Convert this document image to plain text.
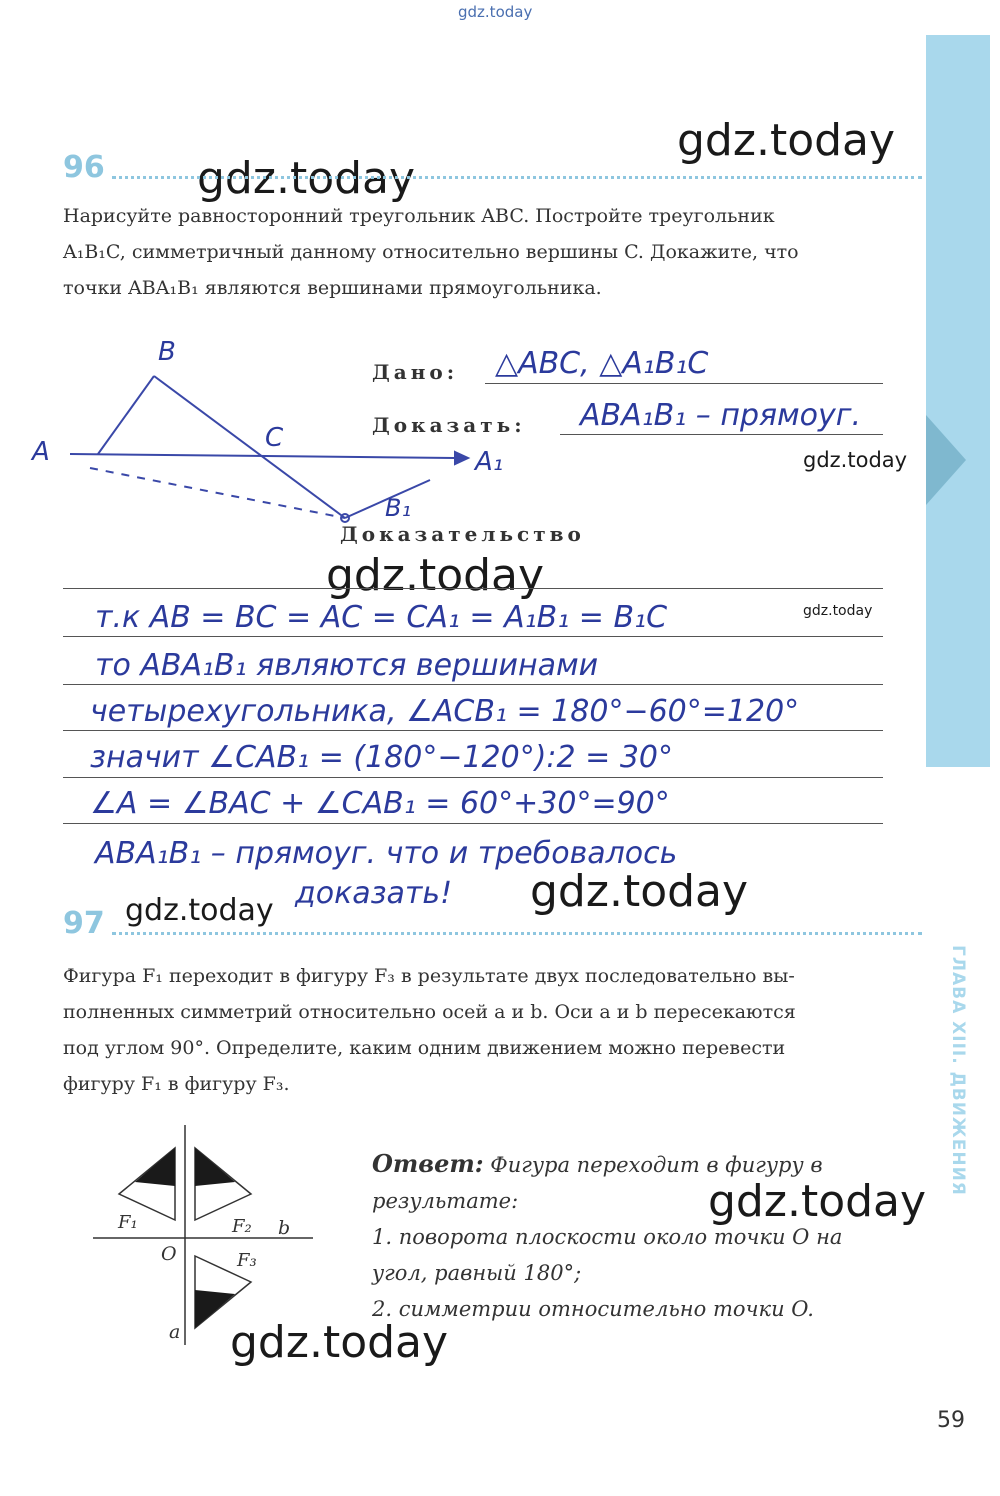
ГЛАВА XIII. ДВИЖЕНИЯ
gdz.today
gdz.today
gdz.today
gdz.today
gdz.today
gdz.today
gdz.today
gdz.today
gdz.today
gdz.today
96
Нарисуйте равносторонний треугольник ABC. Постройте треугольник
A₁B₁C, симметричный данному относительно вершины C. Докажите, что
точки ABA₁B₁ являются вершинами прямоугольника.
B
A	C
A₁
B₁
Дано: △ABC, △A₁B₁C
Доказать: ABA₁B₁ – прямоуг.
Доказательство
т.к AB = BC = AC = CA₁ = A₁B₁ = B₁C
то ABA₁B₁ являются вершинами
четырехугольника, ∠ACB₁ = 180°−60°=120°
значит ∠CAB₁ = (180°−120°):2 = 30°
∠A = ∠BAC + ∠CAB₁ = 60°+30°=90°
ABA₁B₁ – прямоуг. что и требовалось
доказать!
97
Фигура F₁ переходит в фигуру F₃ в результате двух последовательно вы-
полненных симметрий относительно осей a и b. Оси a и b пересекаются
под углом 90°. Определите, каким одним движением можно перевести
фигуру F₁ в фигуру F₃.
F₁	F₂ b
O	F₃
a
Ответ: Фигура переходит в фигуру в
результате:
1. поворота плоскости около точки O на
угол, равный 180°;
2. симметрии относительно точки O.
59
